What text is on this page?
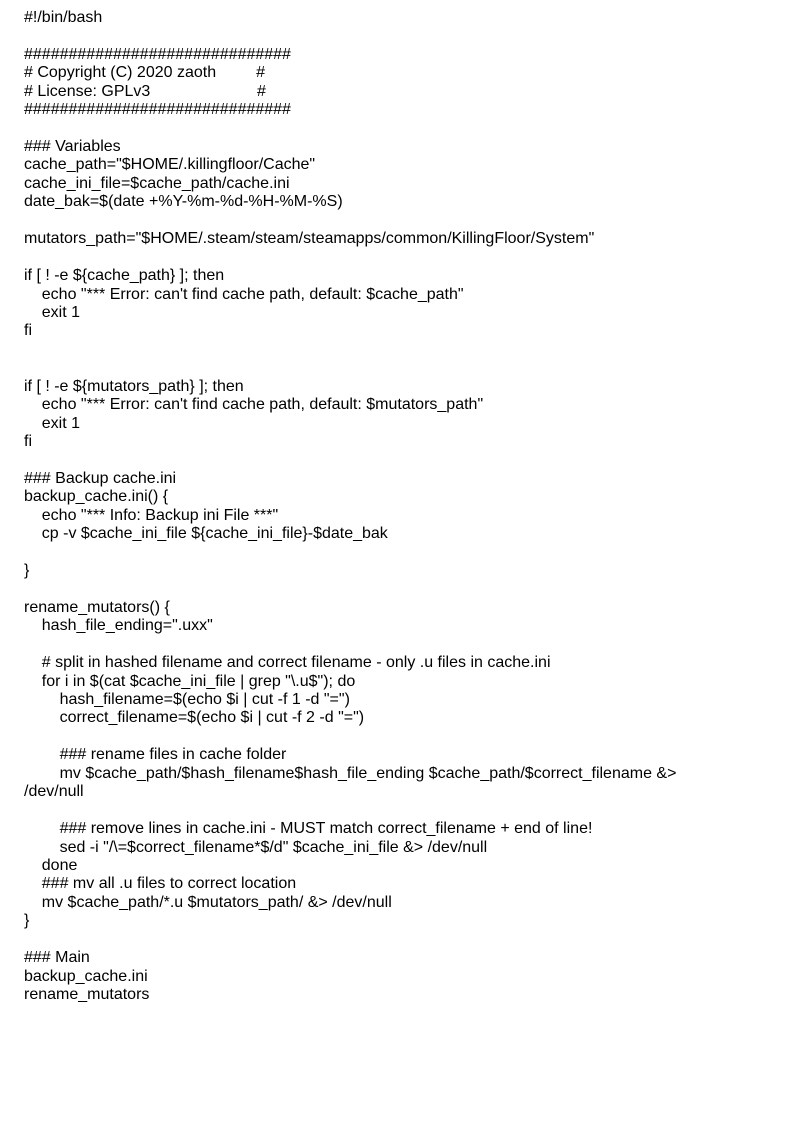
#!/bin/bash
##############################
# Copyright (C) 2020 zaoth         #
# License: GPLv3                        #
##############################
### Variables
cache_path="$HOME/.killingfloor/Cache"
cache_ini_file=$cache_path/cache.ini
date_bak=$(date +%Y-%m-%d-%H-%M-%S)
mutators_path="$HOME/.steam/steam/steamapps/common/KillingFloor/System"
if [ ! -e ${cache_path} ]; then
echo "*** Error: can't find cache path, default: $cache_path"
exit 1
fi
if [ ! -e ${mutators_path} ]; then
echo "*** Error: can't find cache path, default: $mutators_path"
exit 1
fi
### Backup cache.ini
backup_cache.ini() {
echo "*** Info: Backup ini File ***"
cp -v $cache_ini_file ${cache_ini_file}-$date_bak
}
rename_mutators() {
hash_file_ending=".uxx"
# split in hashed filename and correct filename - only .u files in cache.ini
for i in $(cat $cache_ini_file | grep "\.u$"); do
hash_filename=$(echo $i | cut -f 1 -d "=")
correct_filename=$(echo $i | cut -f 2 -d "=")
### rename files in cache folder
mv $cache_path/$hash_filename$hash_file_ending $cache_path/$correct_filename &>
/dev/null
### remove lines in cache.ini - MUST match correct_filename + end of line!
sed -i "/\=$correct_filename*$/d" $cache_ini_file &> /dev/null
done
### mv all .u files to correct location
mv $cache_path/*.u $mutators_path/ &> /dev/null
}
### Main
backup_cache.ini
rename_mutators
